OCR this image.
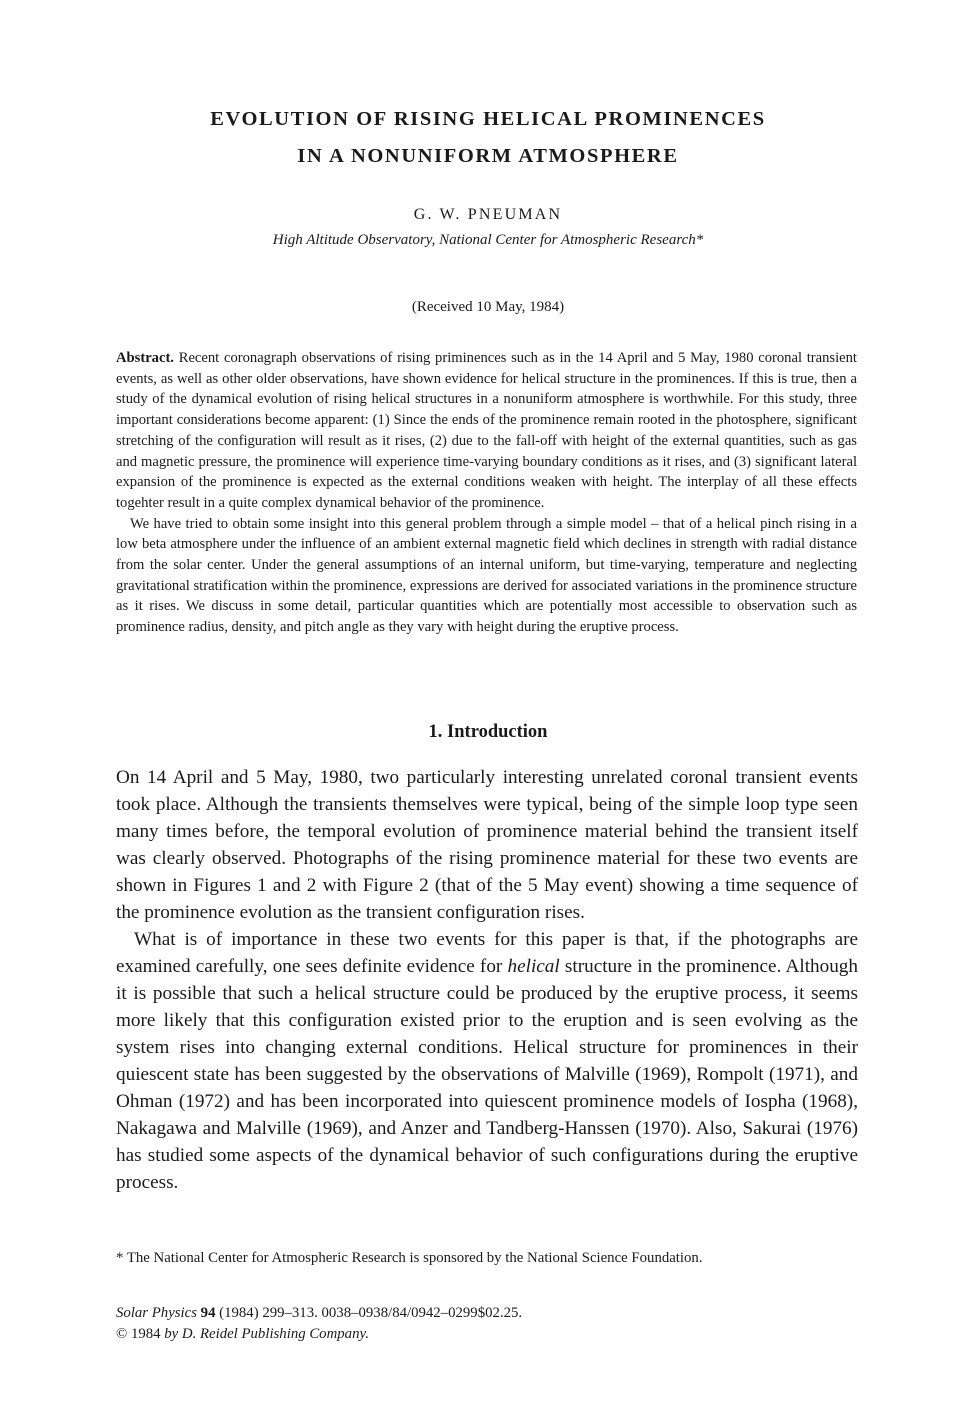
EVOLUTION OF RISING HELICAL PROMINENCES
IN A NONUNIFORM ATMOSPHERE
G. W. PNEUMAN
High Altitude Observatory, National Center for Atmospheric Research*
(Received 10 May, 1984)

Abstract. Recent coronagraph observations of rising priminences such as in the 14 April and 5 May, 1980 coronal transient events, as well as other older observations, have shown evidence for helical structure in the prominences. If this is true, then a study of the dynamical evolution of rising helical structures in a nonuniform atmosphere is worthwhile. For this study, three important considerations become apparent: (1) Since the ends of the prominence remain rooted in the photosphere, significant stretching of the configuration will result as it rises, (2) due to the fall-off with height of the external quantities, such as gas and magnetic pressure, the prominence will experience time-varying boundary conditions as it rises, and (3) significant lateral expansion of the prominence is expected as the external conditions weaken with height. The interplay of all these effects togehter result in a quite complex dynamical behavior of the prominence.

We have tried to obtain some insight into this general problem through a simple model – that of a helical pinch rising in a low beta atmosphere under the influence of an ambient external magnetic field which declines in strength with radial distance from the solar center. Under the general assumptions of an internal uniform, but time-varying, temperature and neglecting gravitational stratification within the prominence, expressions are derived for associated variations in the prominence structure as it rises. We discuss in some detail, particular quantities which are potentially most accessible to observation such as prominence radius, density, and pitch angle as they vary with height during the eruptive process.

1. Introduction

On 14 April and 5 May, 1980, two particularly interesting unrelated coronal transient events took place. Although the transients themselves were typical, being of the simple loop type seen many times before, the temporal evolution of prominence material behind the transient itself was clearly observed. Photographs of the rising prominence material for these two events are shown in Figures 1 and 2 with Figure 2 (that of the 5 May event) showing a time sequence of the prominence evolution as the transient configuration rises.

What is of importance in these two events for this paper is that, if the photographs are examined carefully, one sees definite evidence for helical structure in the prominence. Although it is possible that such a helical structure could be produced by the eruptive process, it seems more likely that this configuration existed prior to the eruption and is seen evolving as the system rises into changing external conditions. Helical structure for prominences in their quiescent state has been suggested by the observations of Malville (1969), Rompolt (1971), and Ohman (1972) and has been incorporated into quiescent prominence models of Iospha (1968), Nakagawa and Malville (1969), and Anzer and Tandberg-Hanssen (1970). Also, Sakurai (1976) has studied some aspects of the dynamical behavior of such configurations during the eruptive process.

* The National Center for Atmospheric Research is sponsored by the National Science Foundation.
Solar Physics 94 (1984) 299–313. 0038–0938/84/0942–0299$02.25.
© 1984 by D. Reidel Publishing Company.
